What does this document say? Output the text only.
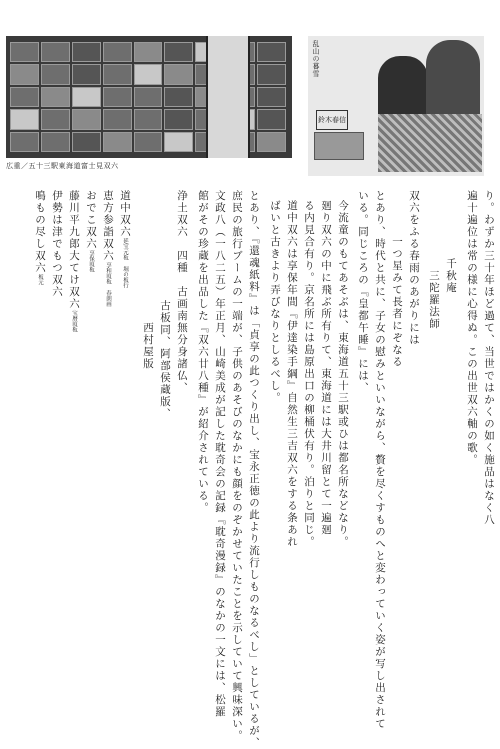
広重／五十三駅東海道富士見双六
鈴木春信
乱山の暮雪
り。わずか三十年ほど過て、当世ではかくの如く施品はなく八
遍十遍位は常の様に心得ぬ。この出世双六軸の歌。
千秋庵
三陀羅法師
双六をふる春雨のあがりには
一つ星みて長者にぞなる
とあり、時代と共に、子女の慰みといいながら、贅を尽くすものへと変わっていく姿が写し出されて
いる。同じころの『皇都午睡』には、
今流童のもてあそぶは、東海道五十三駅或ひは都名所などなり。
廻り双六の中に飛ぶ所有りて、東海道には大井川留とて一遍廻
る内見合有り。京名所には島原出口の柳桶伏有り。泊りと同じ。
道中双六は享保年間『伊達染手綱』自然生三吉双六をする条あれ
ばいと古きより弄びなりとしるべし。
とあり、『還魂紙料』は「貞享の此つくり出し、宝永正徳の此より流行しものなるべし」としているが、
庶民の旅行ブームの一端が、子供のあそびのなかにも顔をのぞかせていたことを示していて興味深い。
文政八（一八二五）年正月、山崎美成が記した耽奇会の記録『耽奇漫録』のなかの一文には、松羅
館がその珍蔵を出品した『双六廿八種』が紹介されている。
浄土双六　四種　古画南無分身諸仏、
古板同、阿部侯蔵版、
西村屋版
道中双六延宝元板 堀の板行
恵方参詣双六享和頃板 春朗画
おでこ双六享保頃板
藤川平九郎大てけ双六宝暦頃板
伊勢は津でもつ双六
鳴もの尽し双六板元
